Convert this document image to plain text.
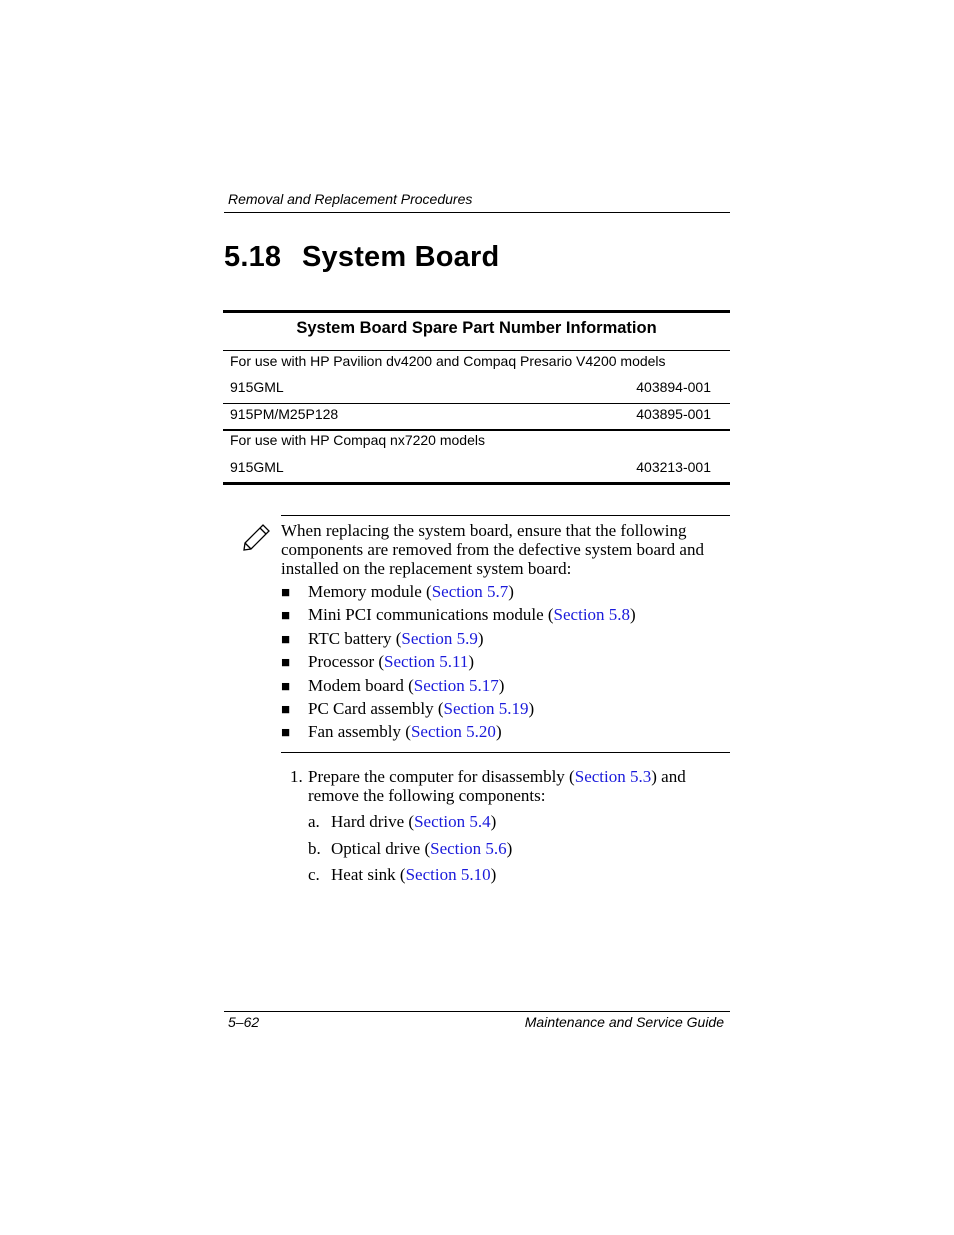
Removal and Replacement Procedures
5.18 System Board
System Board Spare Part Number Information
For use with HP Pavilion dv4200 and Compaq Presario V4200 models
915GML	403894-001
915PM/M25P128	403895-001
For use with HP Compaq nx7220 models
915GML	403213-001
When replacing the system board, ensure that the following components are removed from the defective system board and installed on the replacement system board:
■ Memory module (Section 5.7)
■ Mini PCI communications module (Section 5.8)
■ RTC battery (Section 5.9)
■ Processor (Section 5.11)
■ Modem board (Section 5.17)
■ PC Card assembly (Section 5.19)
■ Fan assembly (Section 5.20)
1. Prepare the computer for disassembly (Section 5.3) and remove the following components:
a. Hard drive (Section 5.4)
b. Optical drive (Section 5.6)
c. Heat sink (Section 5.10)
5–62	Maintenance and Service Guide
